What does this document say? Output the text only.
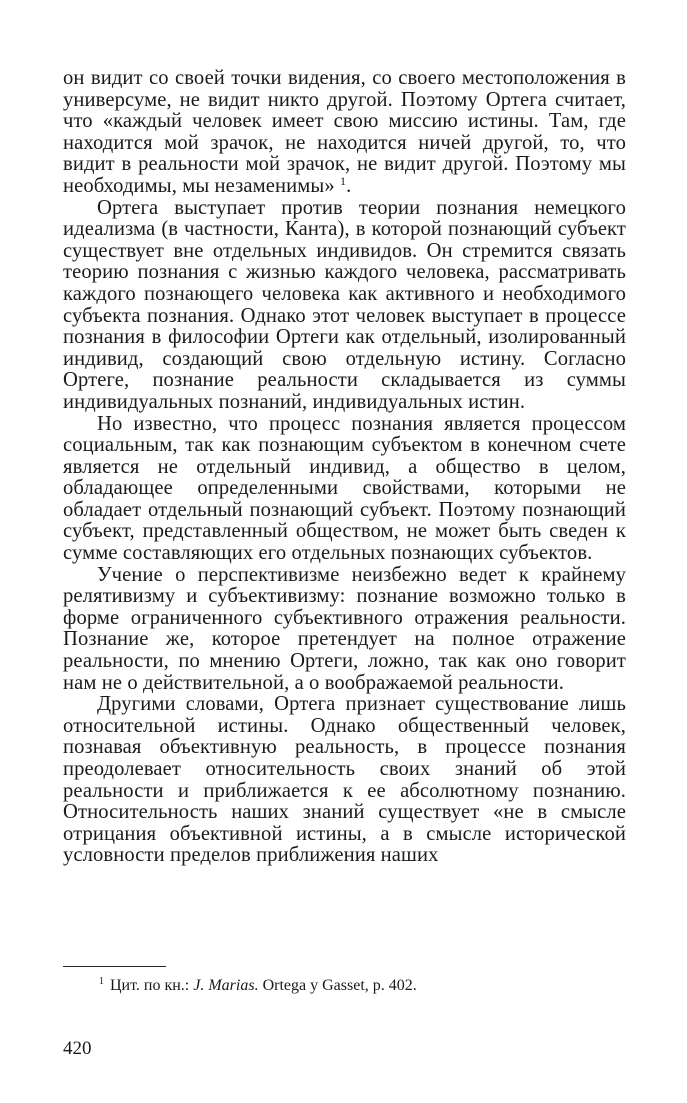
он видит со своей точки видения, со своего местоположения в универсуме, не видит никто другой. Поэтому Ортега считает, что «каждый человек имеет свою миссию истины. Там, где находится мой зрачок, не находится ничей другой, то, что видит в реальности мой зрачок, не видит другой. Поэтому мы необходимы, мы незаменимы» $^1$.

Ортега выступает против теории познания немецкого идеализма (в частности, Канта), в которой познающий субъект существует вне отдельных индивидов. Он стремится связать теорию познания с жизнью каждого человека, рассматривать каждого познающего человека как активного и необходимого субъекта познания. Однако этот человек выступает в процессе познания в философии Ортеги как отдельный, изолированный индивид, создающий свою отдельную истину. Согласно Ортеге, познание реальности складывается из суммы индивидуальных познаний, индивидуальных истин.

Но известно, что процесс познания является процессом социальным, так как познающим субъектом в конечном счете является не отдельный индивид, а общество в целом, обладающее определенными свойствами, которыми не обладает отдельный познающий субъект. Поэтому познающий субъект, представленный обществом, не может быть сведен к сумме составляющих его отдельных познающих субъектов.

Учение о перспективизме неизбежно ведет к крайнему релятивизму и субъективизму: познание возможно только в форме ограниченного субъективного отражения реальности. Познание же, которое претендует на полное отражение реальности, по мнению Ортеги, ложно, так как оно говорит нам не о действительной, а о воображаемой реальности.

Другими словами, Ортега признает существование лишь относительной истины. Однако общественный человек, познавая объективную реальность, в процессе познания преодолевает относительность своих знаний об этой реальности и приближается к ее абсолютному познанию. Относительность наших знаний существует «не в смысле отрицания объективной истины, а в смысле исторической условности пределов приближения наших

$^1$ Цит. по кн.: J. Marias. Ortega y Gasset, p. 402.
420
